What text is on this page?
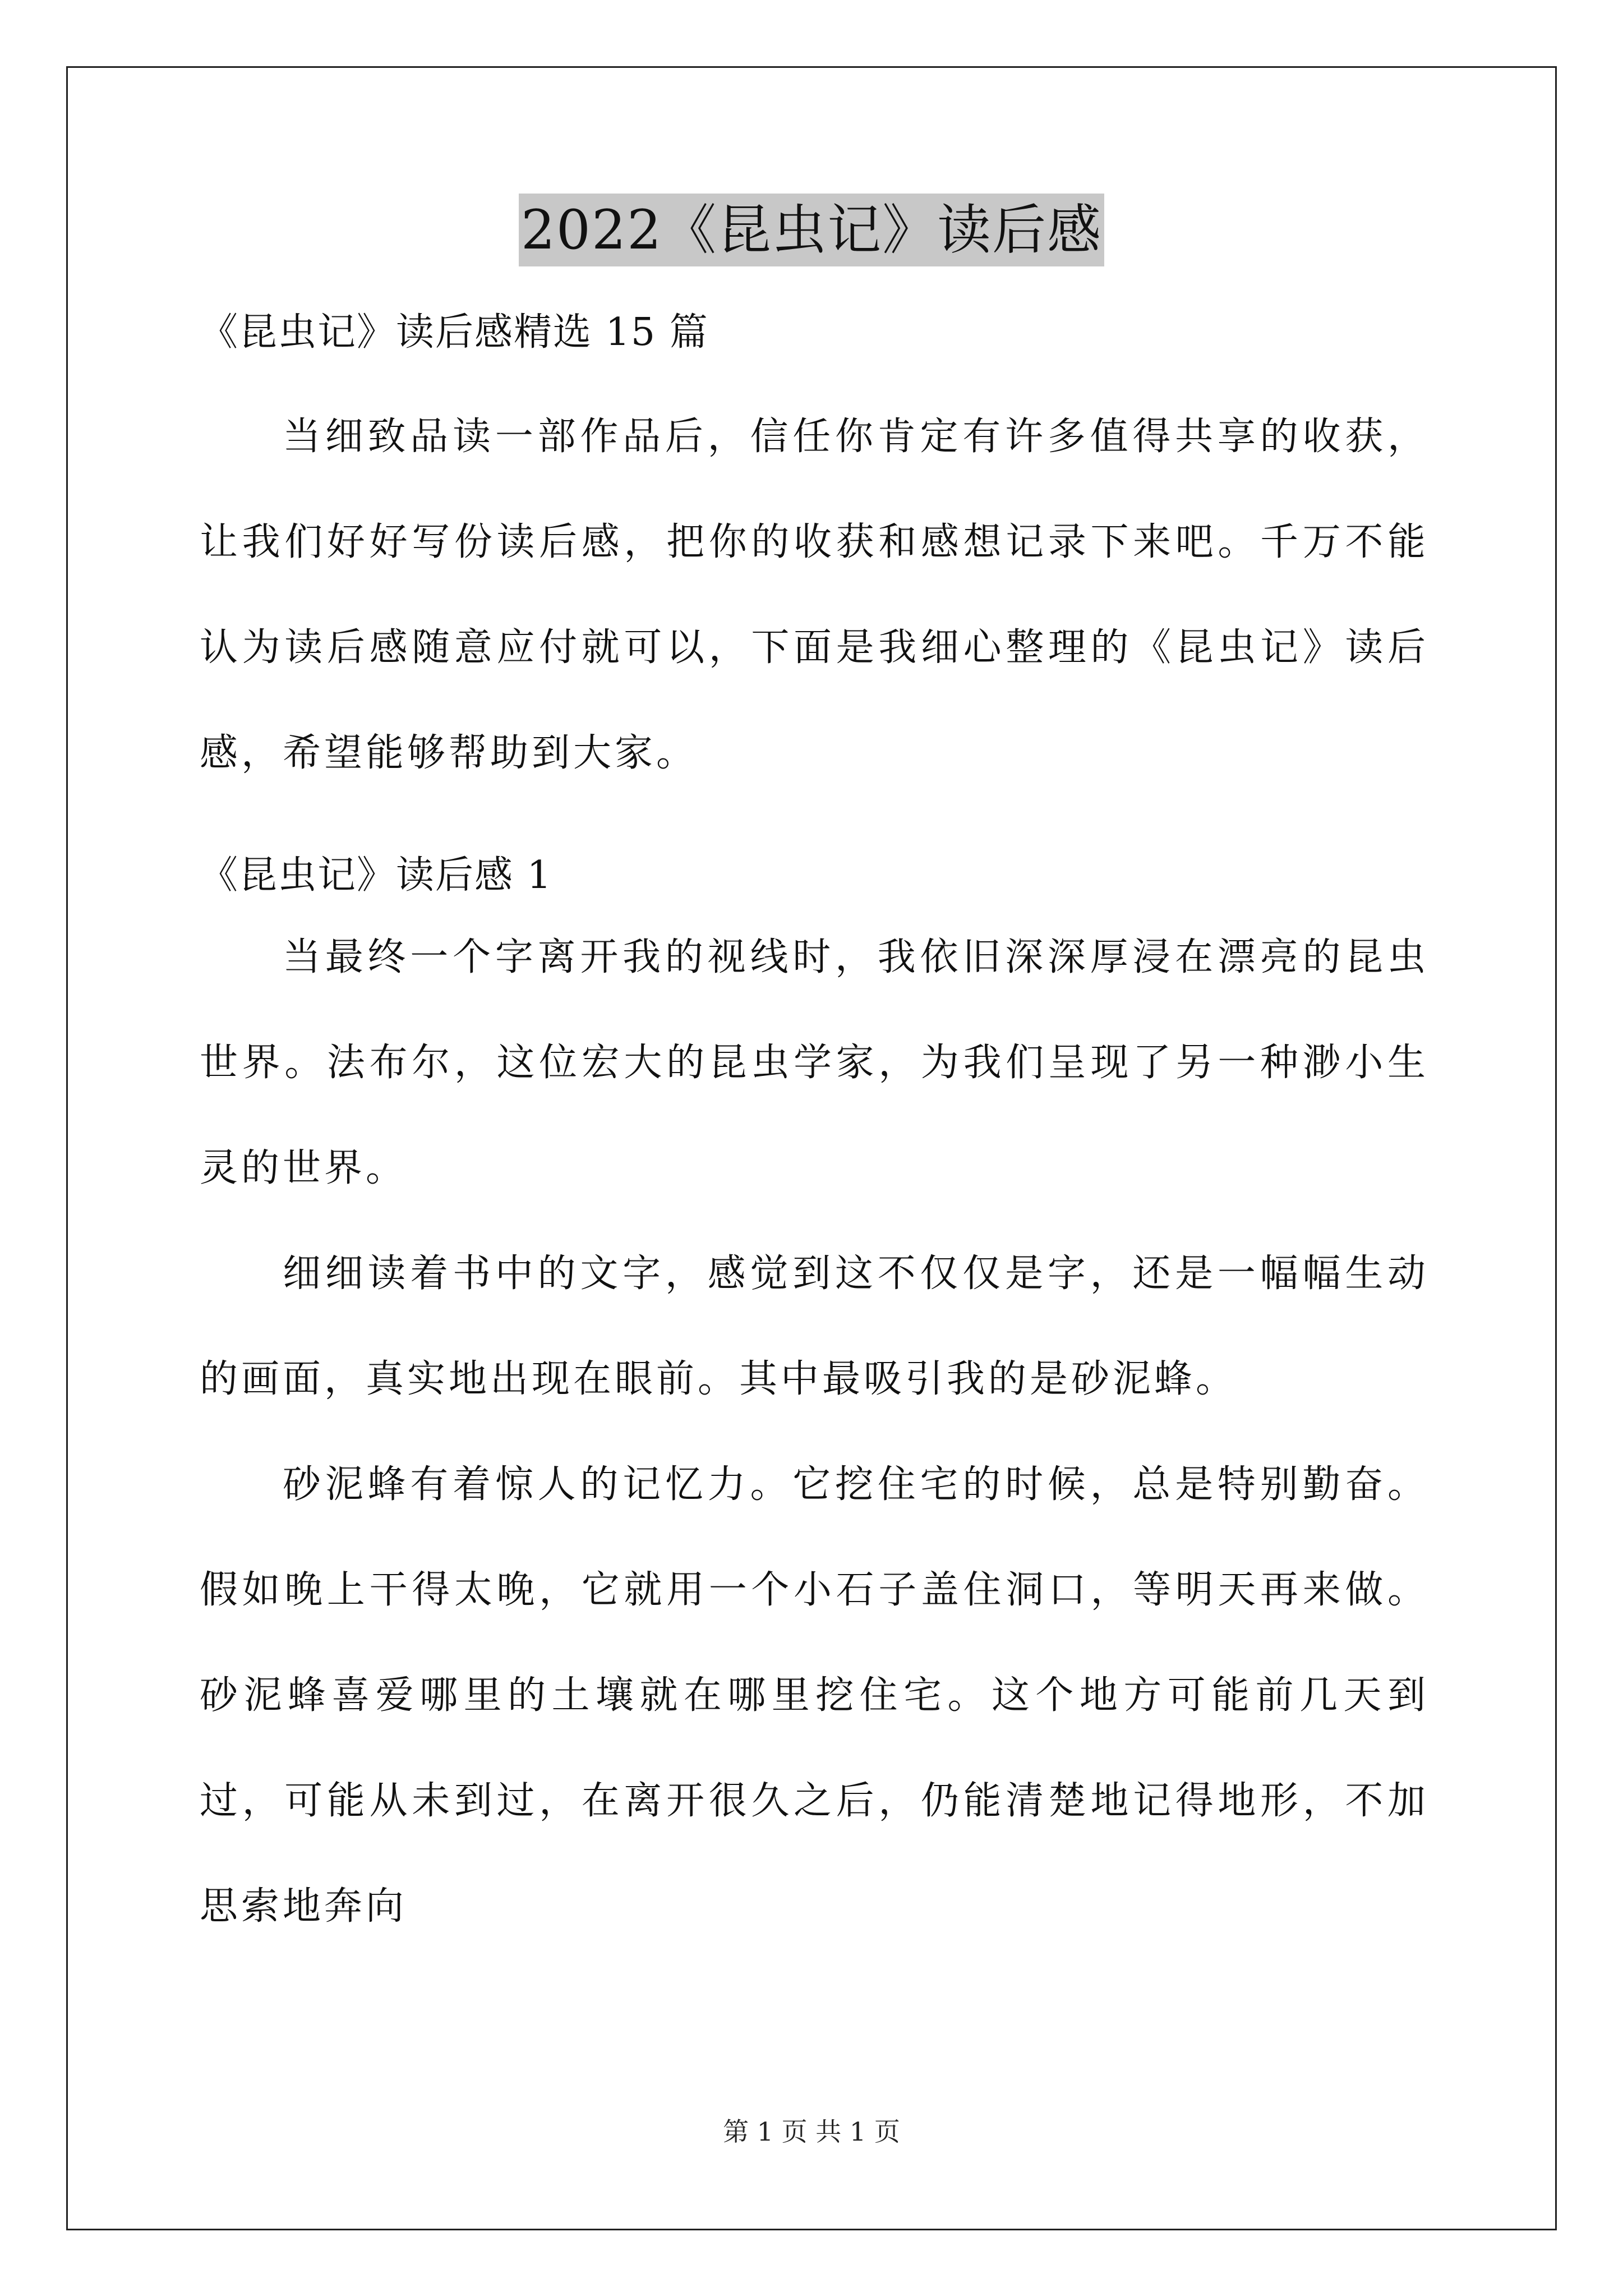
2022《昆虫记》读后感

《昆虫记》读后感精选 15 篇

当细致品读一部作品后，信任你肯定有许多值得共享的收获，让我们好好写份读后感，把你的收获和感想记录下来吧。千万不能认为读后感随意应付就可以，下面是我细心整理的《昆虫记》读后感，希望能够帮助到大家。

《昆虫记》读后感 1

当最终一个字离开我的视线时，我依旧深深厚浸在漂亮的昆虫世界。法布尔，这位宏大的昆虫学家，为我们呈现了另一种渺小生灵的世界。

细细读着书中的文字，感觉到这不仅仅是字，还是一幅幅生动的画面，真实地出现在眼前。其中最吸引我的是砂泥蜂。

砂泥蜂有着惊人的记忆力。它挖住宅的时候，总是特别勤奋。假如晚上干得太晚，它就用一个小石子盖住洞口，等明天再来做。砂泥蜂喜爱哪里的土壤就在哪里挖住宅。这个地方可能前几天到过，可能从未到过，在离开很久之后，仍能清楚地记得地形，不加思索地奔向

第 1 页 共 1 页
